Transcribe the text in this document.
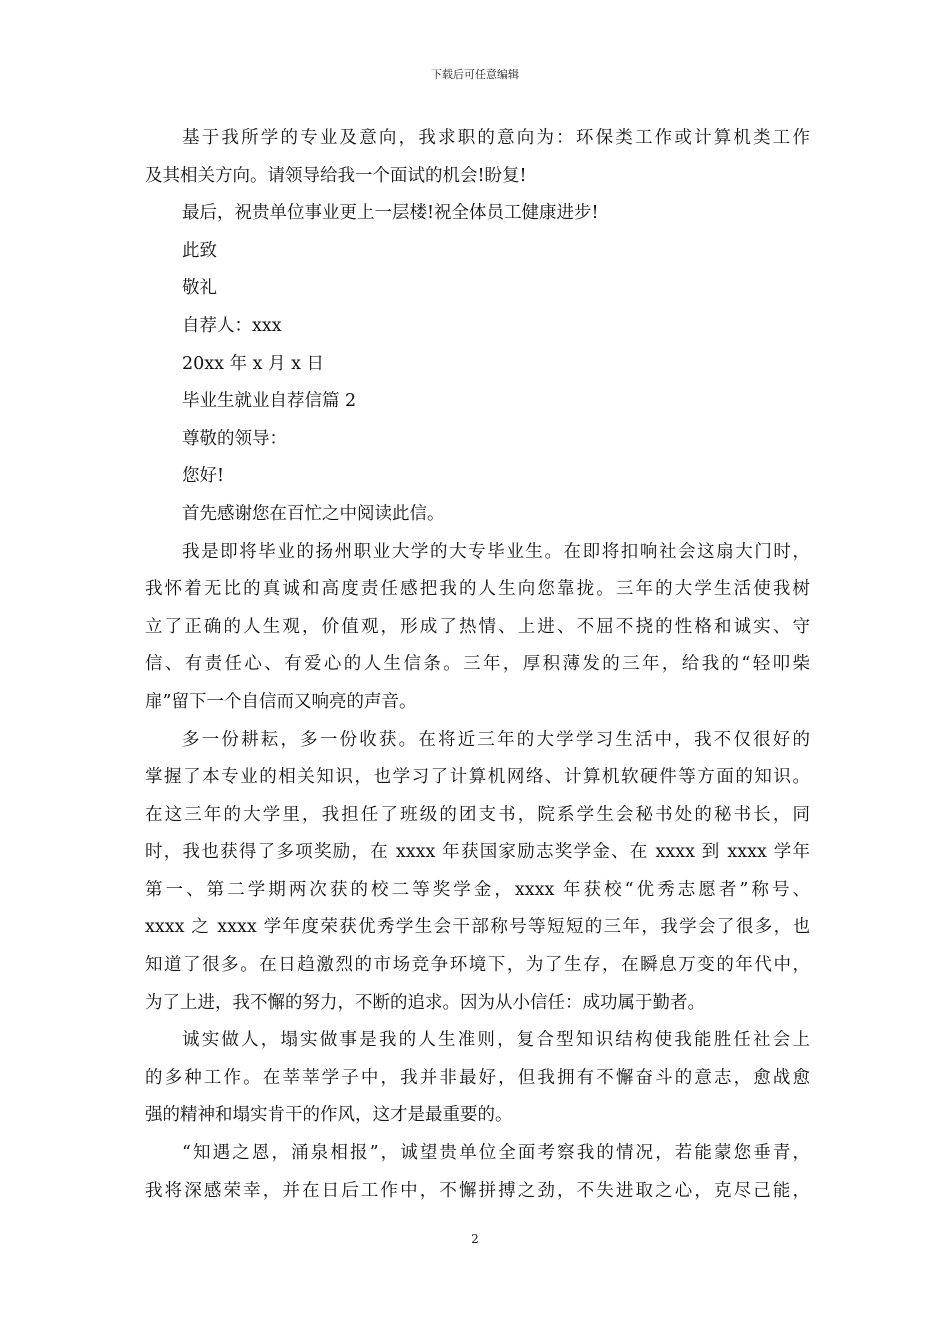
下载后可任意编辑
基于我所学的专业及意向，我求职的意向为：环保类工作或计算机类工作
及其相关方向。请领导给我一个面试的机会!盼复!
最后，祝贵单位事业更上一层楼!祝全体员工健康进步!
此致
敬礼
自荐人：xxx
20xx 年 x 月 x 日
毕业生就业自荐信篇 2
尊敬的领导：
您好!
首先感谢您在百忙之中阅读此信。
我是即将毕业的扬州职业大学的大专毕业生。在即将扣响社会这扇大门时，
我怀着无比的真诚和高度责任感把我的人生向您靠拢。三年的大学生活使我树
立了正确的人生观，价值观，形成了热情、上进、不屈不挠的性格和诚实、守
信、有责任心、有爱心的人生信条。三年，厚积薄发的三年，给我的“轻叩柴
扉”留下一个自信而又响亮的声音。
多一份耕耘，多一份收获。在将近三年的大学学习生活中，我不仅很好的
掌握了本专业的相关知识，也学习了计算机网络、计算机软硬件等方面的知识。
在这三年的大学里，我担任了班级的团支书，院系学生会秘书处的秘书长，同
时，我也获得了多项奖励，在 xxxx 年获国家励志奖学金、在 xxxx 到 xxxx 学年
第一、第二学期两次获的校二等奖学金，xxxx 年获校“优秀志愿者”称号、
xxxx 之 xxxx 学年度荣获优秀学生会干部称号等短短的三年，我学会了很多，也
知道了很多。在日趋激烈的市场竞争环境下，为了生存，在瞬息万变的年代中，
为了上进，我不懈的努力，不断的追求。因为从小信任：成功属于勤者。
诚实做人，塌实做事是我的人生准则，复合型知识结构使我能胜任社会上
的多种工作。在莘莘学子中，我并非最好，但我拥有不懈奋斗的意志，愈战愈
强的精神和塌实肯干的作风，这才是最重要的。
“知遇之恩，涌泉相报”，诚望贵单位全面考察我的情况，若能蒙您垂青，
我将深感荣幸，并在日后工作中，不懈拼搏之劲，不失进取之心，克尽己能，
2
